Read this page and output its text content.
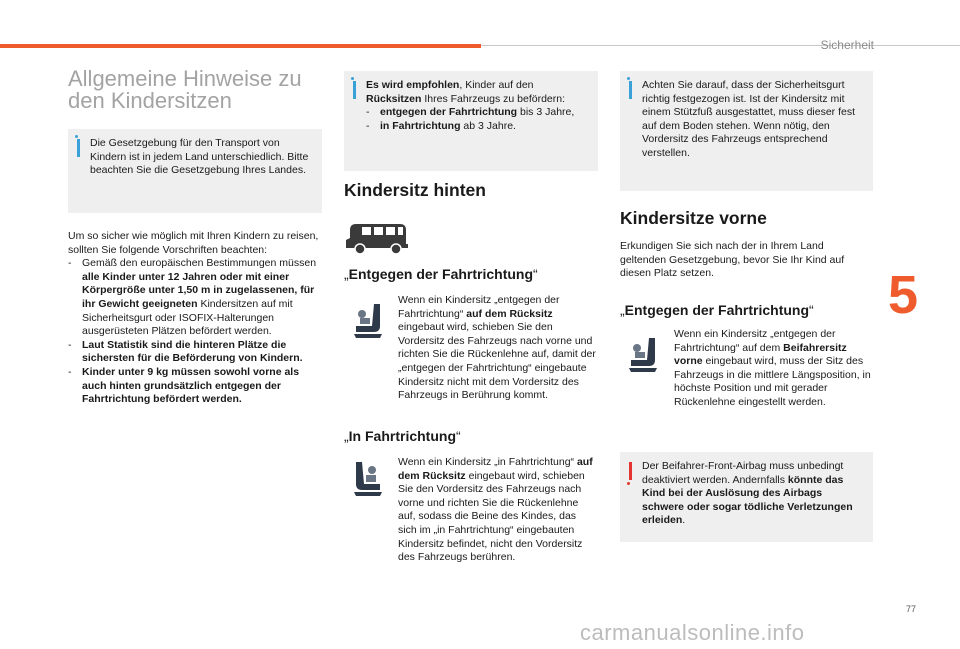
Sicherheit
5
77
carmanualsonline.info
Allgemeine Hinweise zu den Kindersitzen
Die Gesetzgebung für den Transport von Kindern ist in jedem Land unterschiedlich. Bitte beachten Sie die Gesetzgebung Ihres Landes.
Um so sicher wie möglich mit Ihren Kindern zu reisen, sollten Sie folgende Vorschriften beachten:
-	Gemäß den europäischen Bestimmungen müssen alle Kinder unter 12 Jahren oder mit einer Körpergröße unter 1,50 m in zugelassenen, für ihr Gewicht geeigneten Kindersitzen auf mit Sicherheitsgurt oder ISOFIX-Halterungen ausgerüsteten Plätzen befördert werden.
-	Laut Statistik sind die hinteren Plätze die sichersten für die Beförderung von Kindern.
-	Kinder unter 9 kg müssen sowohl vorne als auch hinten grundsätzlich entgegen der Fahrtrichtung befördert werden.
Es wird empfohlen, Kinder auf den Rücksitzen Ihres Fahrzeugs zu befördern:
-	entgegen der Fahrtrichtung bis 3 Jahre,
-	in Fahrtrichtung ab 3 Jahre.
Kindersitz hinten
„Entgegen der Fahrtrichtung“
Wenn ein Kindersitz „entgegen der Fahrtrichtung“ auf dem Rücksitz eingebaut wird, schieben Sie den Vordersitz des Fahrzeugs nach vorne und richten Sie die Rückenlehne auf, damit der „entgegen der Fahrtrichtung“ eingebaute Kindersitz nicht mit dem Vordersitz des Fahrzeugs in Berührung kommt.
„In Fahrtrichtung“
Wenn ein Kindersitz „in Fahrtrichtung“ auf dem Rücksitz eingebaut wird, schieben Sie den Vordersitz des Fahrzeugs nach vorne und richten Sie die Rückenlehne auf, sodass die Beine des Kindes, das sich im „in Fahrtrichtung“ eingebauten Kindersitz befindet, nicht den Vordersitz des Fahrzeugs berühren.
Achten Sie darauf, dass der Sicherheitsgurt richtig festgezogen ist. Ist der Kindersitz mit einem Stützfuß ausgestattet, muss dieser fest auf dem Boden stehen. Wenn nötig, den Vordersitz des Fahrzeugs entsprechend verstellen.
Kindersitze vorne
Erkundigen Sie sich nach der in Ihrem Land geltenden Gesetzgebung, bevor Sie Ihr Kind auf diesen Platz setzen.
„Entgegen der Fahrtrichtung“
Wenn ein Kindersitz „entgegen der Fahrtrichtung“ auf dem Beifahrersitz vorne eingebaut wird, muss der Sitz des Fahrzeugs in die mittlere Längsposition, in höchste Position und mit gerader Rückenlehne eingestellt werden.
Der Beifahrer-Front-Airbag muss unbedingt deaktiviert werden. Andernfalls könnte das Kind bei der Auslösung des Airbags schwere oder sogar tödliche Verletzungen erleiden.
